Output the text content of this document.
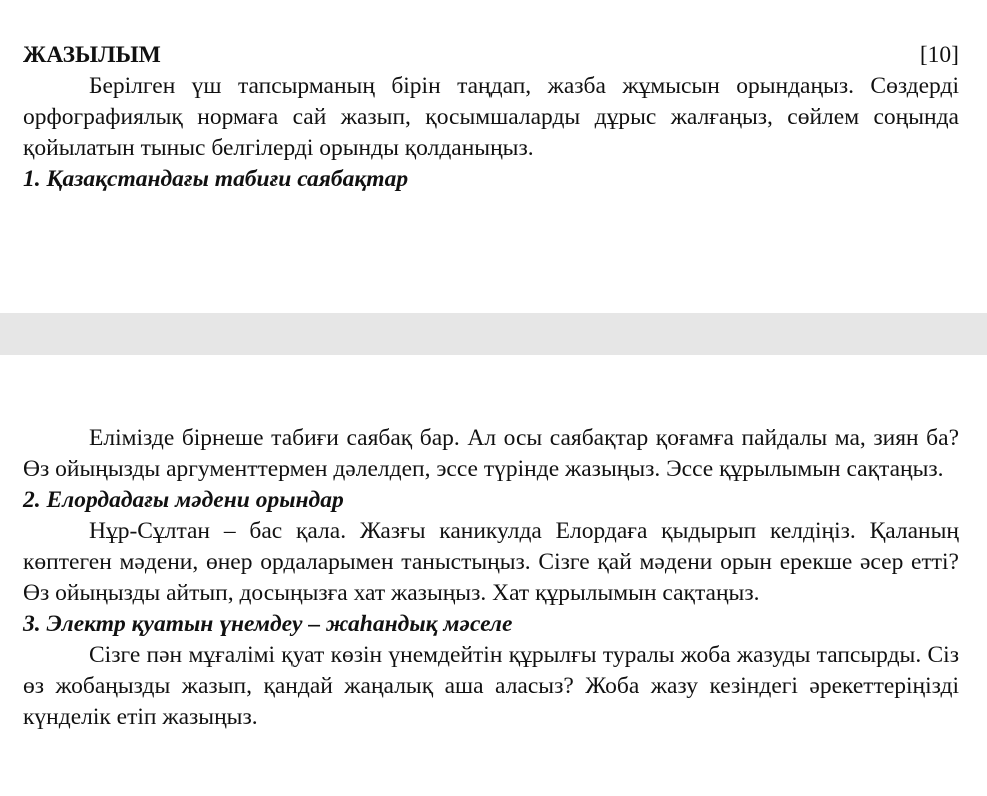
ЖАЗЫЛЫМ	[10]

Берілген үш тапсырманың бірін таңдап, жазба жұмысын орындаңыз. Сөздерді орфографиялық нормаға сай жазып, қосымшаларды дұрыс жалғаңыз, сөйлем соңында қойылатын тыныс белгілерді орынды қолданыңыз.

1. Қазақстандағы табиғи саябақтар

Елімізде бірнеше табиғи саябақ бар. Ал осы саябақтар қоғамға пайдалы ма, зиян ба? Өз ойыңызды аргументтермен дәлелдеп, эссе түрінде жазыңыз. Эссе құрылымын сақтаңыз.

2. Елордадағы мәдени орындар

Нұр-Сұлтан – бас қала. Жазғы каникулда Елордаға қыдырып келдіңіз. Қаланың көптеген мәдени, өнер ордаларымен таныстыңыз. Сізге қай мәдени орын ерекше әсер етті? Өз ойыңызды айтып, досыңызға хат жазыңыз. Хат құрылымын сақтаңыз.

3. Электр қуатын үнемдеу – жаһандық мәселе

Сізге пән мұғалімі қуат көзін үнемдейтін құрылғы туралы жоба жазуды тапсырды. Сіз өз жобаңызды жазып, қандай жаңалық аша аласыз? Жоба жазу кезіндегі әрекеттеріңізді күнделік етіп жазыңыз.
